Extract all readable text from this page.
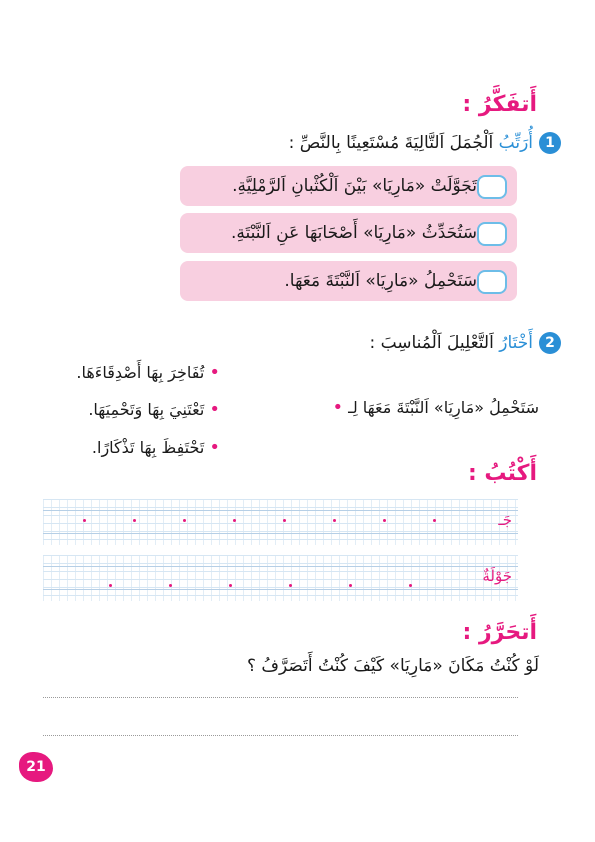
أَتفَكَّرُ :
1
أُرَتِّبُ اَلْجُمَلَ اَلتَّالِيَةَ مُسْتَعِينًا بِالنَّصِّ :
تَجَوَّلَتْ «مَارِيَا» بَيْنَ اَلْكُثْبانِ اَلرَّمْلِيَّةِ.
سَتُحَدِّثُ «مَارِيَا» أَصْحَابَهَا عَنِ اَلنَّبْتَةِ.
سَتَحْمِلُ «مَارِيَا» اَلنَّبْتَةَ مَعَهَا.
2
أَخْتَارُ اَلتَّعْلِيلَ اَلْمُناسِبَ :
سَتَحْمِلُ «مَارِيَا» اَلنَّبْتَةَ مَعَهَا لِـ •
• تُفَاخِرَ بِهَا أَصْدِقَاءَهَا.
• تَعْتَنِيَ بِهَا وَتَحْمِيَهَا.
• تَحْتَفِظَ بِهَا تَذْكَارًا.
أَكْتُبُ :
جَـ
جَوْلَةٌ
أَتحَرَّرُ :
لَوْ كُنْتُ مَكَانَ «مَارِيَا» كَيْفَ كُنْتُ أَتَصَرَّفُ ؟
21
